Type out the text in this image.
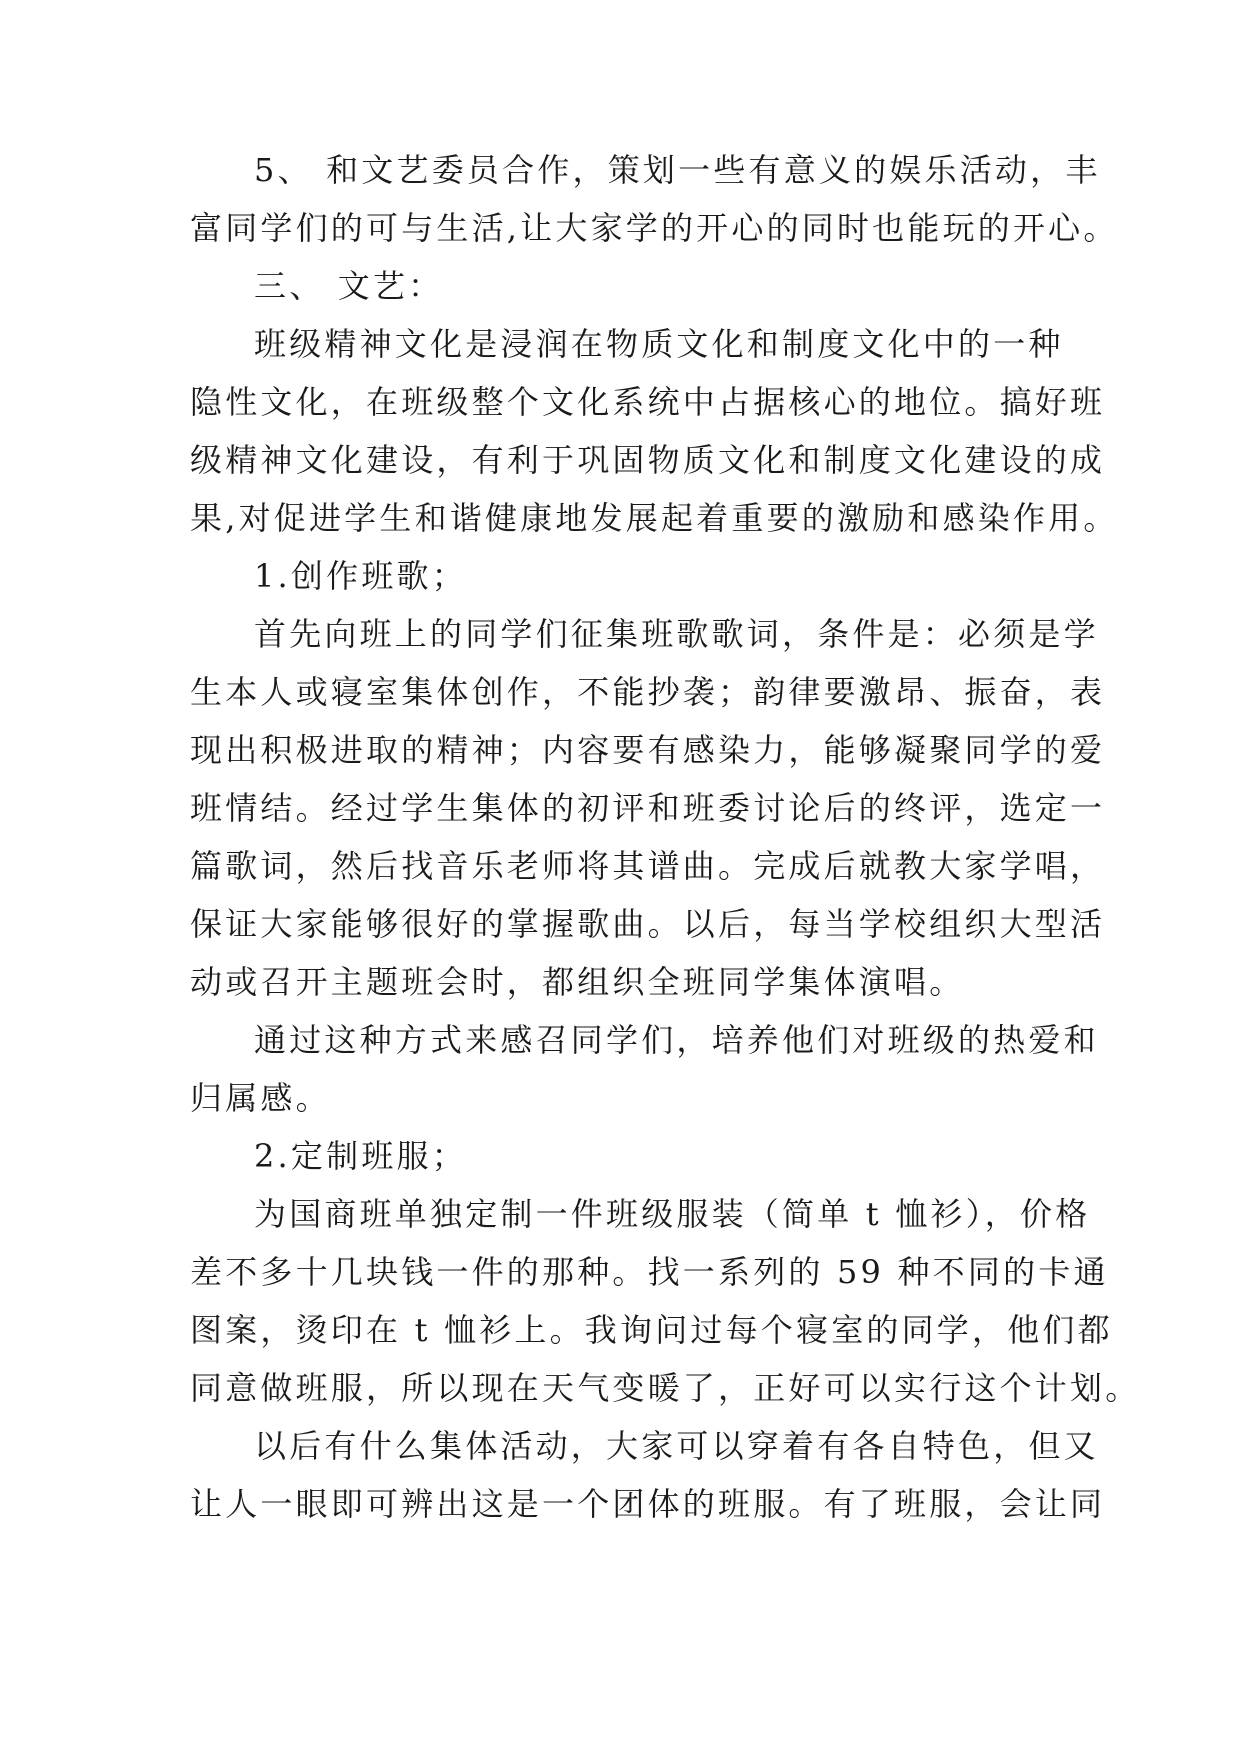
5、 和文艺委员合作，策划一些有意义的娱乐活动，丰
富同学们的可与生活,让大家学的开心的同时也能玩的开心。
三、 文艺：
班级精神文化是浸润在物质文化和制度文化中的一种
隐性文化，在班级整个文化系统中占据核心的地位。搞好班
级精神文化建设，有利于巩固物质文化和制度文化建设的成
果,对促进学生和谐健康地发展起着重要的激励和感染作用。
1.创作班歌；
首先向班上的同学们征集班歌歌词，条件是：必须是学
生本人或寝室集体创作，不能抄袭；韵律要激昂、振奋，表
现出积极进取的精神；内容要有感染力，能够凝聚同学的爱
班情结。经过学生集体的初评和班委讨论后的终评，选定一
篇歌词，然后找音乐老师将其谱曲。完成后就教大家学唱，
保证大家能够很好的掌握歌曲。以后，每当学校组织大型活
动或召开主题班会时，都组织全班同学集体演唱。
通过这种方式来感召同学们，培养他们对班级的热爱和
归属感。
2.定制班服；
为国商班单独定制一件班级服装（简单 t 恤衫），价格
差不多十几块钱一件的那种。找一系列的 59 种不同的卡通
图案，烫印在 t 恤衫上。我询问过每个寝室的同学，他们都
同意做班服，所以现在天气变暖了，正好可以实行这个计划。
以后有什么集体活动，大家可以穿着有各自特色，但又
让人一眼即可辨出这是一个团体的班服。有了班服，会让同
